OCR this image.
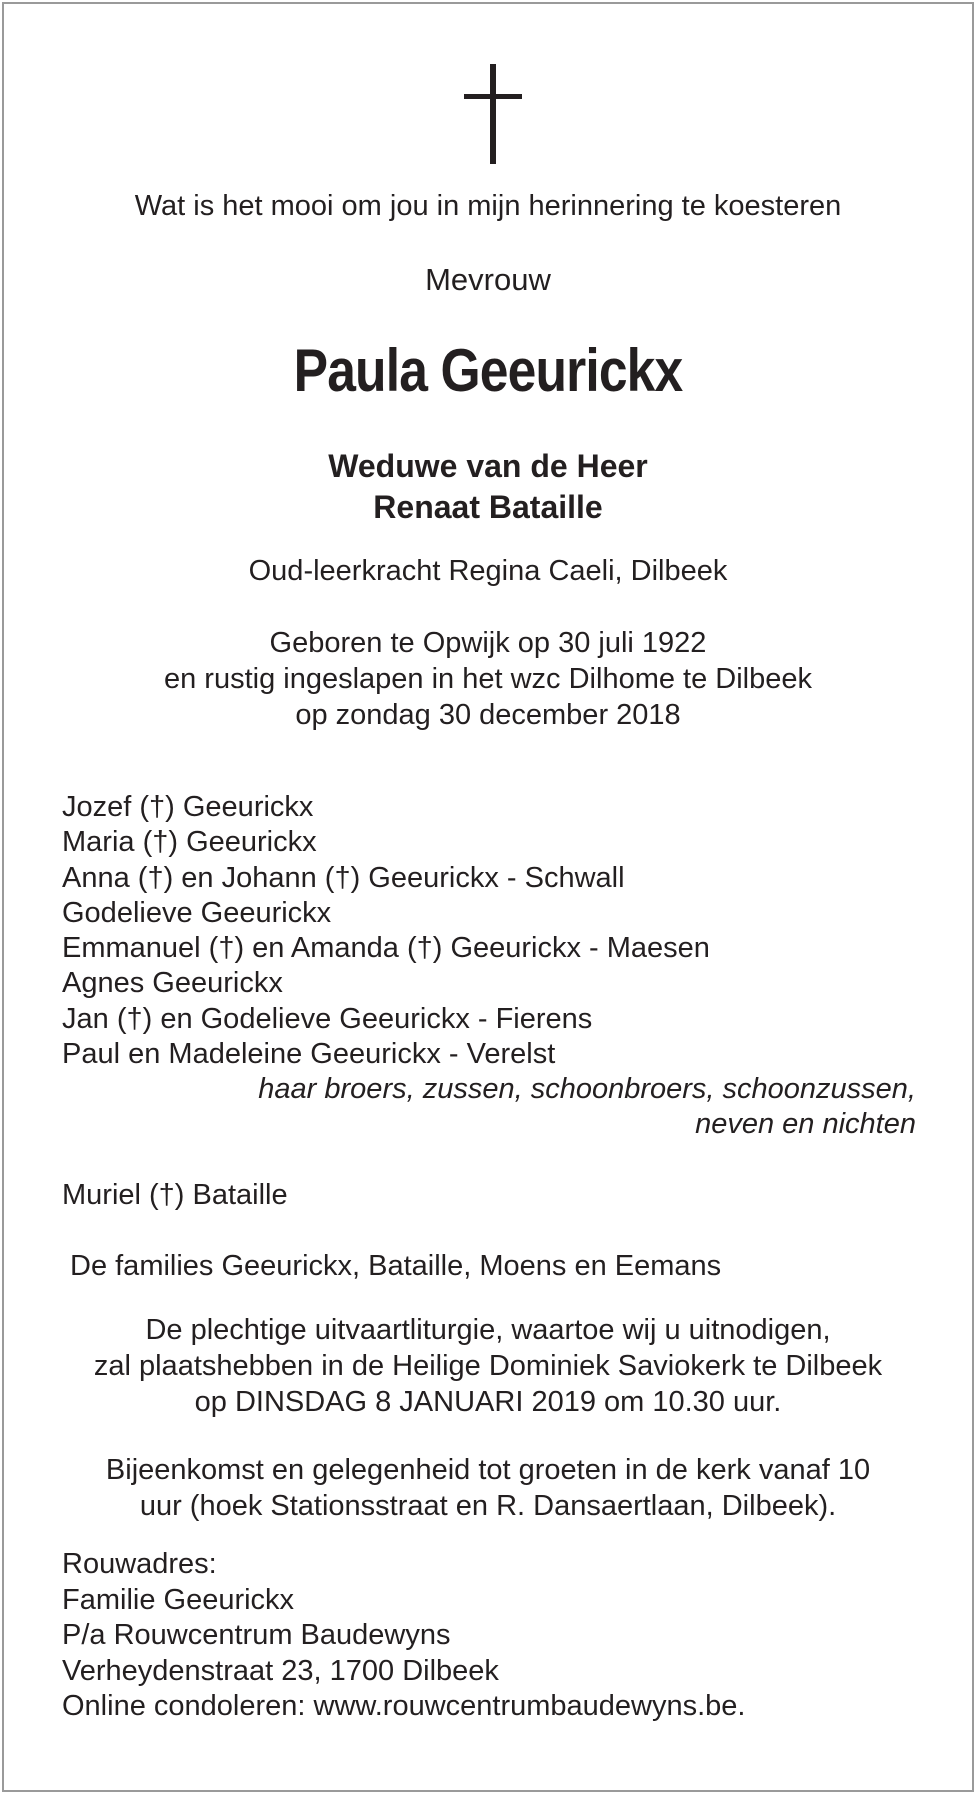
Wat is het mooi om jou in mijn herinnering te koesteren

Mevrouw

Paula Geeurickx

Weduwe van de Heer
Renaat Bataille

Oud-leerkracht Regina Caeli, Dilbeek

Geboren te Opwijk op 30 juli 1922
en rustig ingeslapen in het wzc Dilhome te Dilbeek
op zondag 30 december 2018
Jozef (†) Geeurickx
Maria (†) Geeurickx
Anna (†) en Johann (†) Geeurickx - Schwall
Godelieve Geeurickx
Emmanuel (†) en Amanda (†) Geeurickx - Maesen
Agnes Geeurickx
Jan (†) en Godelieve Geeurickx - Fierens
Paul en Madeleine Geeurickx - Verelst
haar broers, zussen, schoonbroers, schoonzussen,
neven en nichten

Muriel (†) Bataille

De families Geeurickx, Bataille, Moens en Eemans

De plechtige uitvaartliturgie, waartoe wij u uitnodigen,
zal plaatshebben in de Heilige Dominiek Saviokerk te Dilbeek
op DINSDAG 8 JANUARI 2019 om 10.30 uur.
Bijeenkomst en gelegenheid tot groeten in de kerk vanaf 10
uur (hoek Stationsstraat en R. Dansaertlaan, Dilbeek).
Rouwadres:
Familie Geeurickx
P/a Rouwcentrum Baudewyns
Verheydenstraat 23, 1700 Dilbeek
Online condoleren: www.rouwcentrumbaudewyns.be.
